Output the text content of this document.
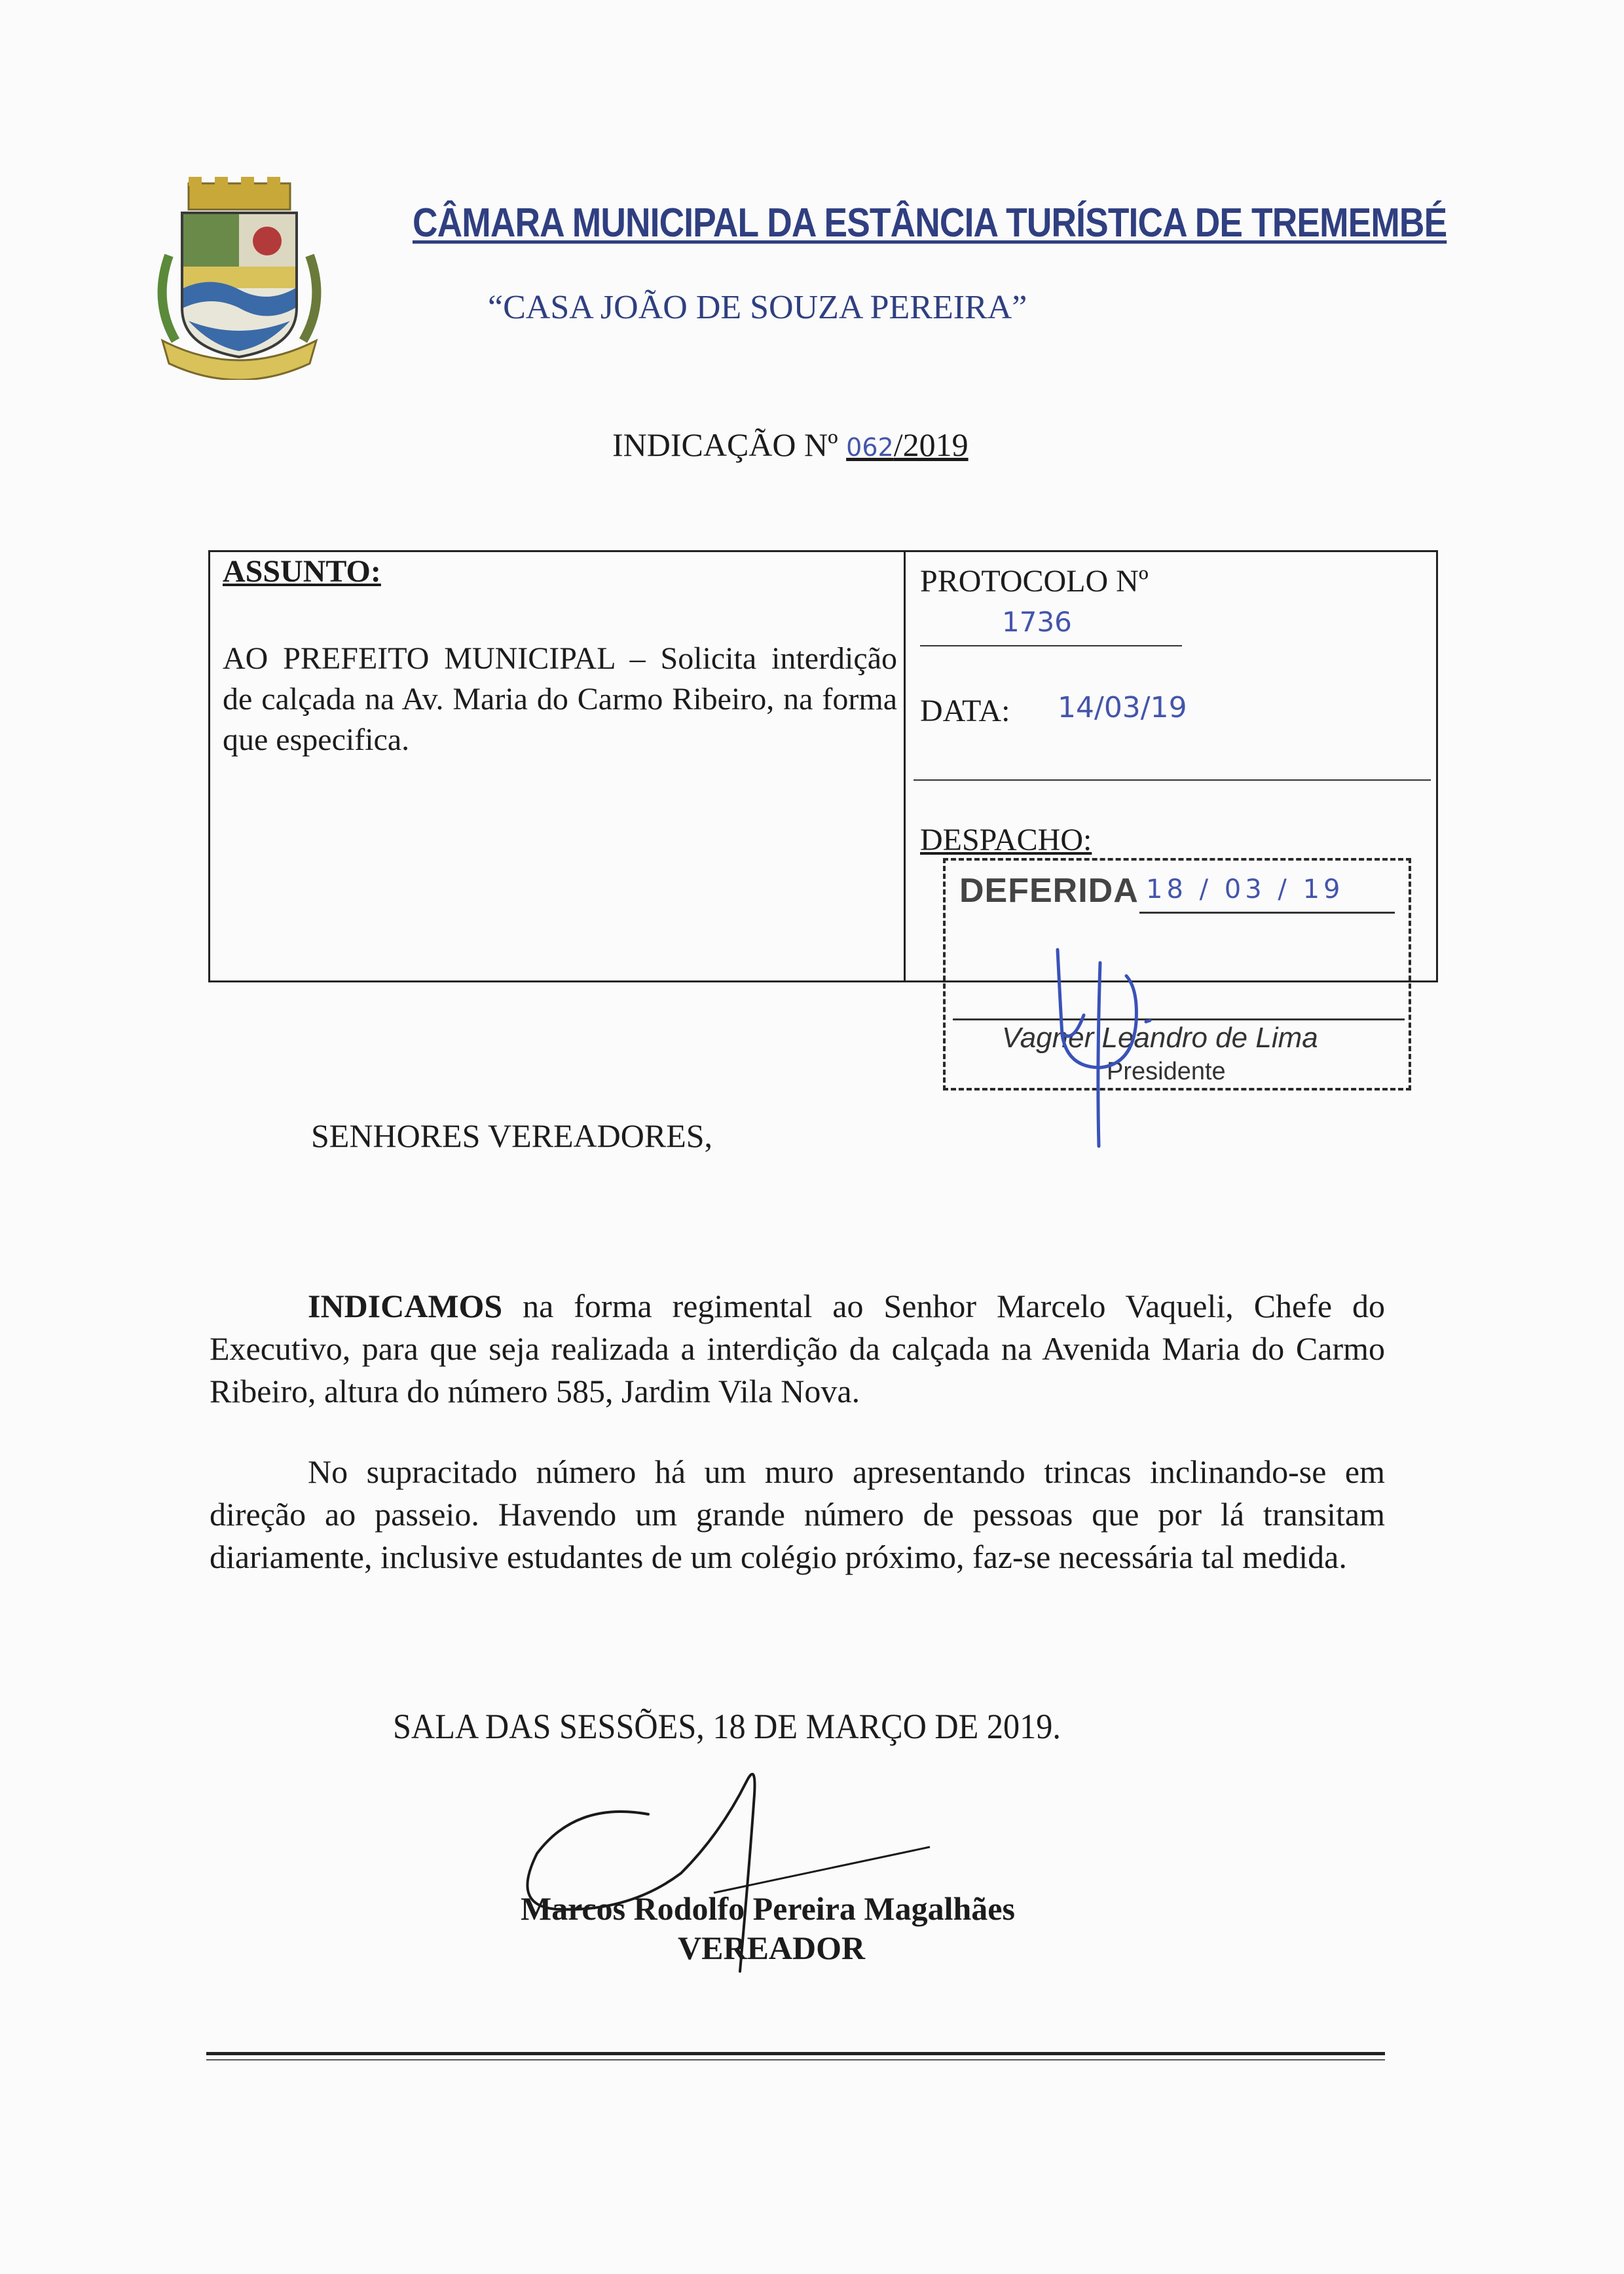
CÂMARA MUNICIPAL DA ESTÂNCIA TURÍSTICA DE TREMEMBÉ
“CASA JOÃO DE SOUZA PEREIRA”
INDICAÇÃO Nº 062/2019
ASSUNTO:
AO PREFEITO MUNICIPAL – Solicita interdição de calçada na Av. Maria do Carmo Ribeiro, na forma que especifica.
PROTOCOLO Nº
1736
DATA: 14/03/19
DESPACHO:
DEFERIDA 18 / 03 / 19
Vagner Leandro de Lima
Presidente
SENHORES VEREADORES,
INDICAMOS na forma regimental ao Senhor Marcelo Vaqueli, Chefe do Executivo, para que seja realizada a interdição da calçada na Avenida Maria do Carmo Ribeiro, altura do número 585, Jardim Vila Nova.
No supracitado número há um muro apresentando trincas inclinando-se em direção ao passeio. Havendo um grande número de pessoas que por lá transitam diariamente, inclusive estudantes de um colégio próximo, faz-se necessária tal medida.
SALA DAS SESSÕES, 18 DE MARÇO DE 2019.
Marcos Rodolfo Pereira Magalhães
VEREADOR
